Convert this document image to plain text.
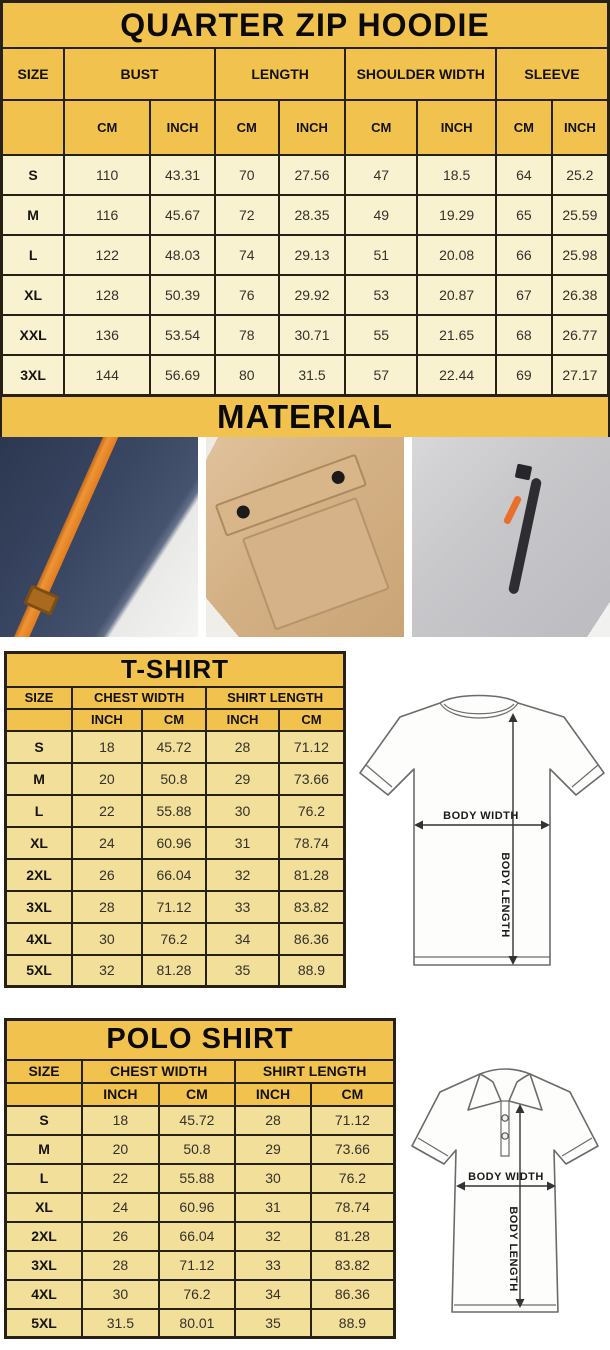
QUARTER ZIP HOODIE								
SIZE	BUST		LENGTH		SHOULDER WIDTH		SLEEVE	
	CM	INCH	CM	INCH	CM	INCH	CM	INCH
S	110	43.31	70	27.56	47	18.5	64	25.2
M	116	45.67	72	28.35	49	19.29	65	25.59
L	122	48.03	74	29.13	51	20.08	66	25.98
XL	128	50.39	76	29.92	53	20.87	67	26.38
XXL	136	53.54	78	30.71	55	21.65	68	26.77
3XL	144	56.69	80	31.5	57	22.44	69	27.17
MATERIAL
T-SHIRT				
SIZE	CHEST WIDTH		SHIRT LENGTH	
	INCH	CM	INCH	CM
S	18	45.72	28	71.12
M	20	50.8	29	73.66
L	22	55.88	30	76.2
XL	24	60.96	31	78.74
2XL	26	66.04	32	81.28
3XL	28	71.12	33	83.82
4XL	30	76.2	34	86.36
5XL	32	81.28	35	88.9
BODY WIDTH
BODY LENGTH
POLO SHIRT				
SIZE	CHEST WIDTH		SHIRT LENGTH	
	INCH	CM	INCH	CM
S	18	45.72	28	71.12
M	20	50.8	29	73.66
L	22	55.88	30	76.2
XL	24	60.96	31	78.74
2XL	26	66.04	32	81.28
3XL	28	71.12	33	83.82
4XL	30	76.2	34	86.36
5XL	31.5	80.01	35	88.9
BODY WIDTH
BODY LENGTH
